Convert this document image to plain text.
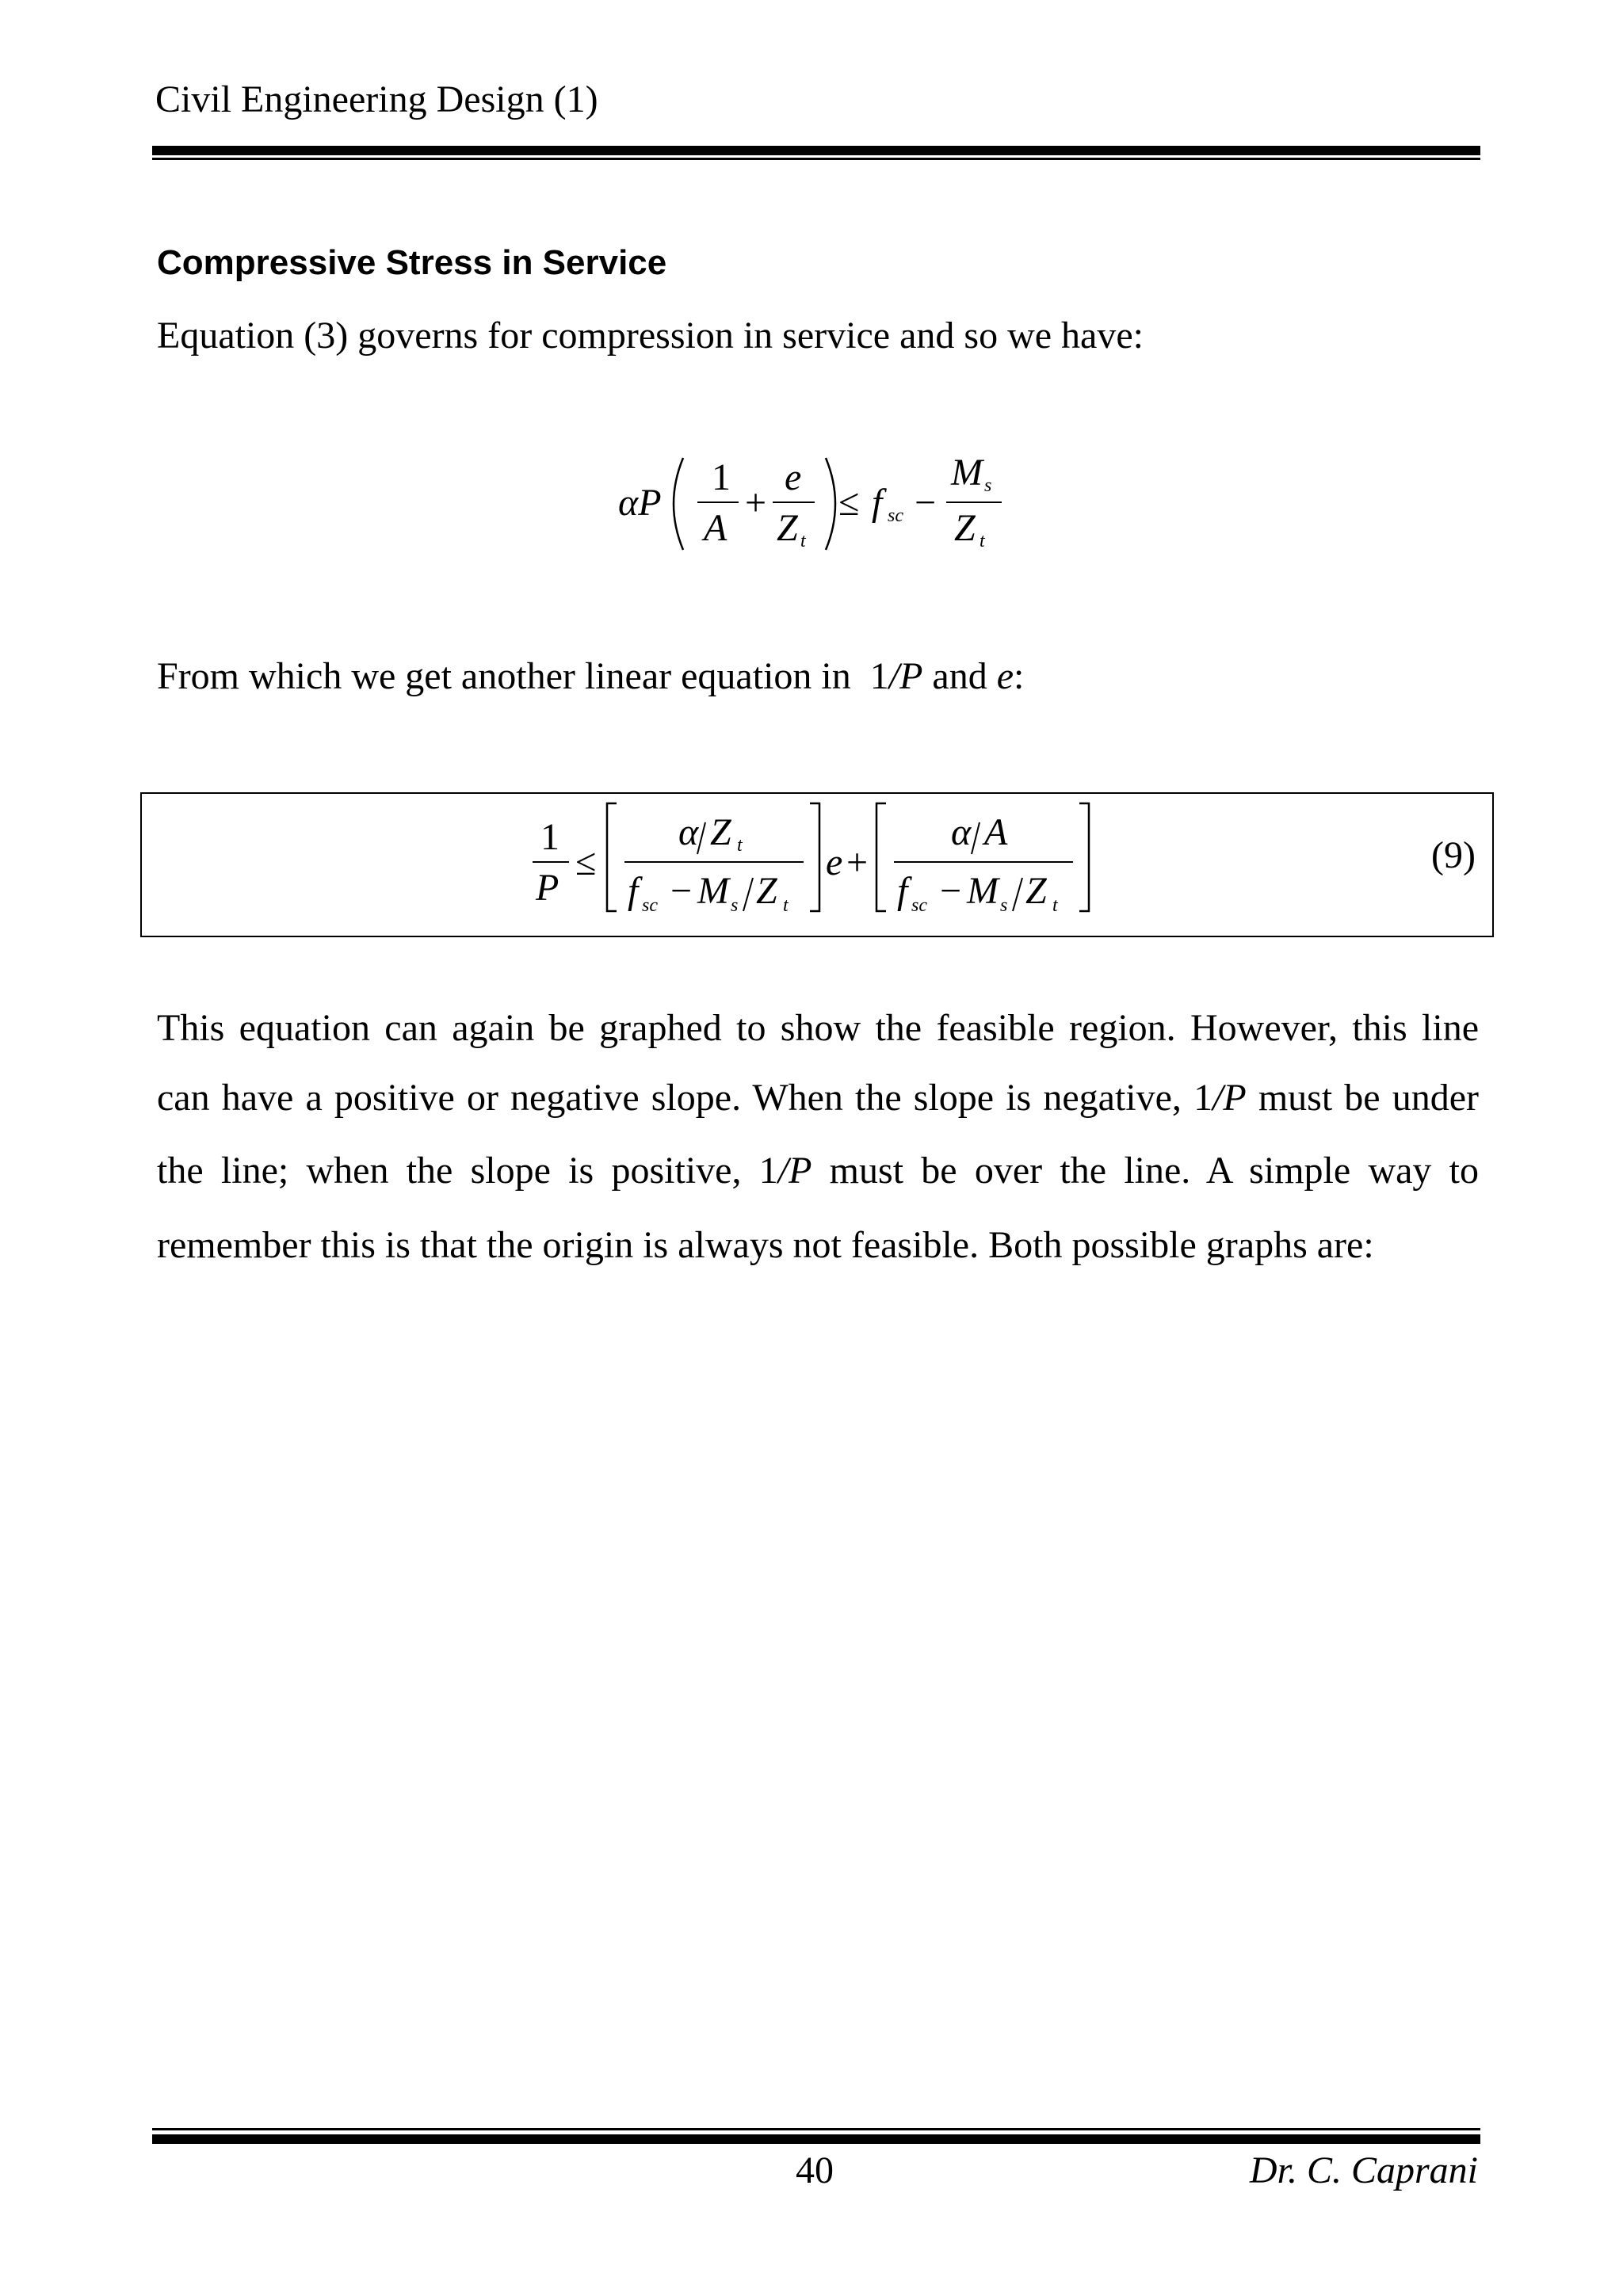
Civil Engineering Design (1)
Compressive Stress in Service
Equation (3) governs for compression in service and so we have:
αP
1
A
+
e
Z t
≤ f sc −
M s
Z t
From which we get another linear equation in  1/P and e:
1
P
≤
α Z t
f sc − M s Z t
e +
α A
f sc − M s Z t
(9)
This equation can again be graphed to show the feasible region. However, this line
can have a positive or negative slope. When the slope is negative, 1/P must be under
the line; when the slope is positive, 1/P must be over the line. A simple way to
remember this is that the origin is always not feasible. Both possible graphs are:
40	Dr. C. Caprani
